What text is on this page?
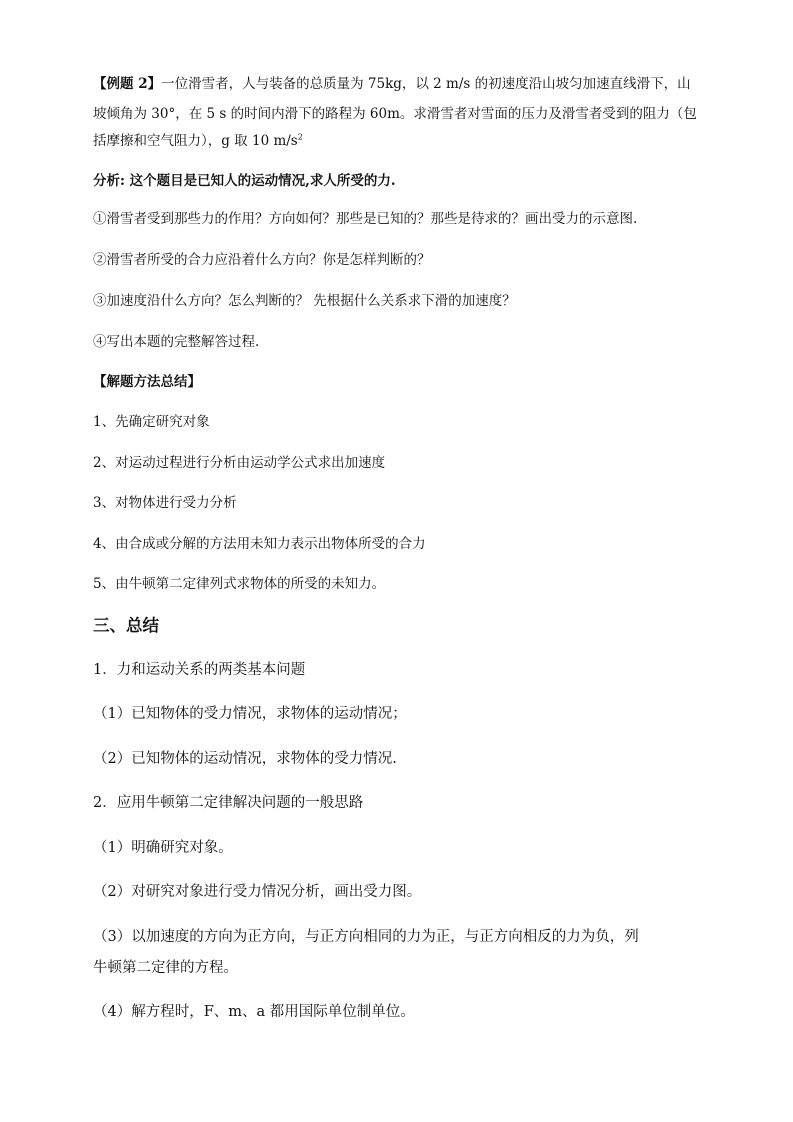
【例题 2】一位滑雪者，人与装备的总质量为 75kg，以 2 m/s 的初速度沿山坡匀加速直线滑下，山
坡倾角为 30°，在 5 s 的时间内滑下的路程为 60m。求滑雪者对雪面的压力及滑雪者受到的阻力（包
括摩擦和空气阻力），g 取 10 $m/s^2$
分析: 这个题目是已知人的运动情况,求人所受的力.
①滑雪者受到那些力的作用？方向如何？那些是已知的？那些是待求的？画出受力的示意图.
②滑雪者所受的合力应沿着什么方向？你是怎样判断的？
③加速度沿什么方向？怎么判断的？ 先根据什么关系求下滑的加速度？
④写出本题的完整解答过程.
【解题方法总结】
1、先确定研究对象
2、对运动过程进行分析由运动学公式求出加速度
3、对物体进行受力分析
4、由合成或分解的方法用未知力表示出物体所受的合力
5、由牛顿第二定律列式求物体的所受的未知力。
三、总结
1．力和运动关系的两类基本问题
（1）已知物体的受力情况，求物体的运动情况；
（2）已知物体的运动情况，求物体的受力情况.
2．应用牛顿第二定律解决问题的一般思路
（1）明确研究对象。
（2）对研究对象进行受力情况分析，画出受力图。
（3）以加速度的方向为正方向，与正方向相同的力为正，与正方向相反的力为负，列
牛顿第二定律的方程。
（4）解方程时，F、m、a 都用国际单位制单位。
